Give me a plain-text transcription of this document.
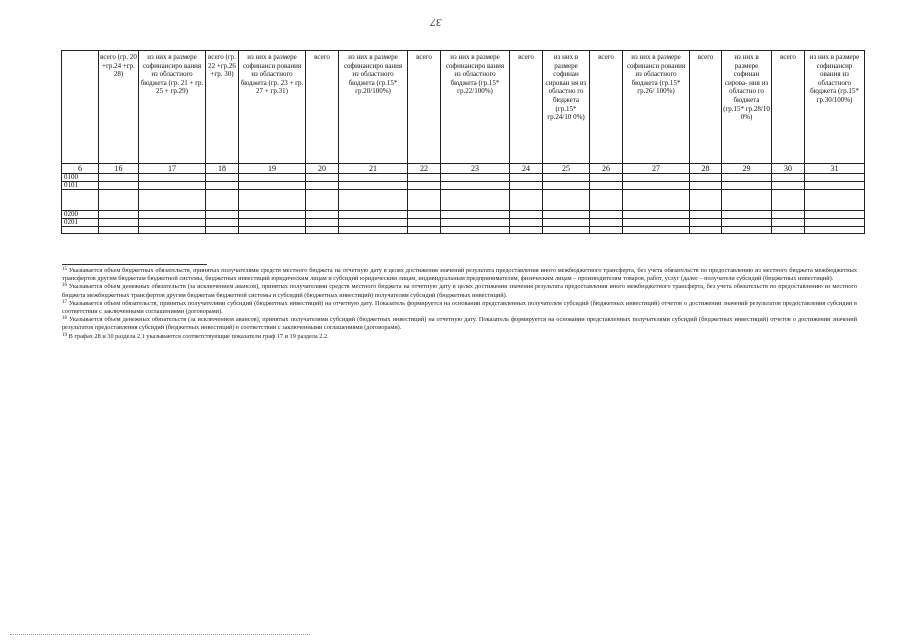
37
	всего (гр. 20 +гр.24 +гр. 28)	из них в размере софинансиро вания из областного бюджета (гр. 21 + гр. 25 + гр.29)	всего (гр. 22 +гр.26 +гр. 30)	из них в размере софинанси рования из областного бюджета (гр. 23 + гр. 27 + гр.31)	всего	из них в размере софинансиро вания из областного бюджета (гр.15* гр.20/100%)	всего	из них в размере софинансиро вания из областного бюджета (гр.15* гр.22/100%)	всего	из них в размере софинан сирован ия из областно го бюджета (гр.15* гр.24/10 0%)	всего	из них в размере софинанси рования из областного бюджета (гр.15* гр.26/ 100%)	всего	из них в размере софинан сирова- ния из областно го бюджета (гр.15* гр.28/10 0%)	всего	из них в размере софинансир ования из областного бюджета (гр.15* гр.30/100%)
6	16	17	18	19	20	21	22	23	24	25	26	27	28	29	30	31
0100																
0101																

0200																
0201																

$^{15}$ Указывается объем бюджетных обязательств, принятых получателями средств местного бюджета на отчетную дату в целях достижения значений результата предоставления иного межбюджетного трансферта, без учета обязательств по предоставлению из местного бюджета межбюджетных трансфертов другим бюджетам бюджетной системы, бюджетных инвестиций юридическим лицам и субсидий юридическим лицам, индивидуальным предпринимателям, физическим лицам – производителям товаров, работ, услуг (далее – получатели субсидий (бюджетных инвестиций).

$^{16}$ Указывается объем денежных обязательств (за исключением авансов), принятых получателями средств местного бюджета на отчетную дату в целях достижения значения результата предоставления иного межбюджетного трансферта, без учета обязательств по предоставлению из местного бюджета межбюджетных трансфертов другим бюджетам бюджетной системы и субсидий (бюджетных инвестиций) получателям субсидий (бюджетных инвестиций).

$^{17}$ Указывается объем обязательств, принятых получателями субсидий (бюджетных инвестиций) на отчетную дату. Показатель формируется на основании представленных получателем субсидий (бюджетных инвестиций) отчетов о достижении значений результатов предоставления субсидии в соответствии с заключенными соглашениями (договорами).

$^{18}$ Указывается объем денежных обязательств (за исключением авансов), принятых получателями субсидий (бюджетных инвестиций) на отчетную дату. Показатель формируется на основании представленных получателями субсидий (бюджетных инвестиций) отчетов о достижении значений результатов предоставления субсидий (бюджетных инвестиций) в соответствии с заключенными соглашениями (договорами).

$^{19}$ В графах 28 и 30 раздела 2.1 указываются соответствующие показатели граф 17 и 19 раздела 2.2.
